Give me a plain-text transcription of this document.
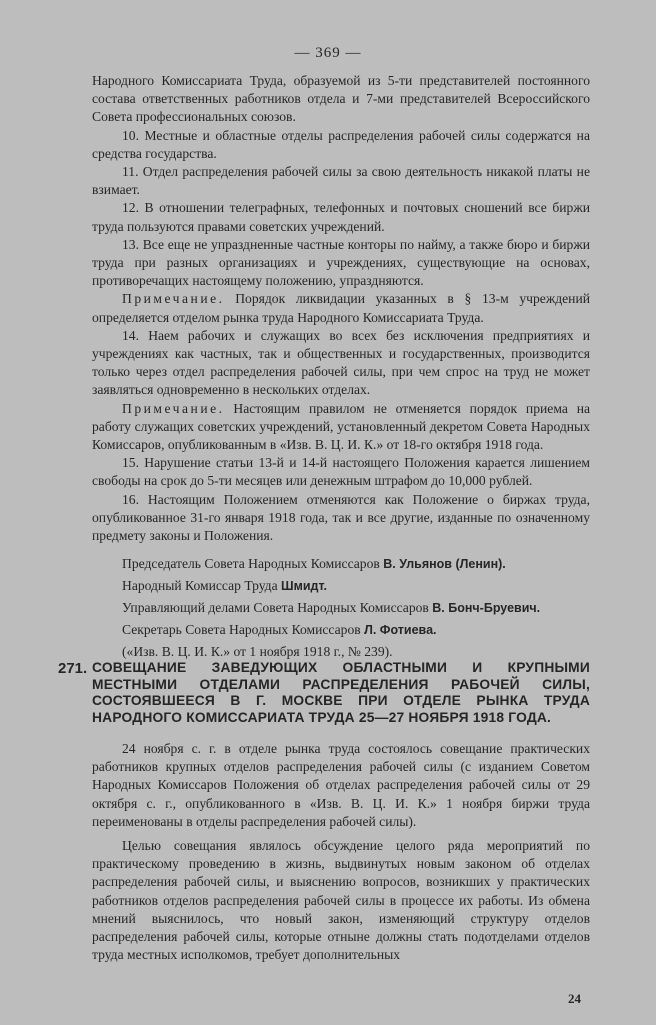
— 369 —

Народного Комиссариата Труда, образуемой из 5-ти представителей постоянного состава ответственных работников отдела и 7-ми представителей Всероссийского Совета профессиональных союзов.

10. Местные и областные отделы распределения рабочей силы содержатся на средства государства.

11. Отдел распределения рабочей силы за свою деятельность никакой платы не взимает.

12. В отношении телеграфных, телефонных и почтовых сношений все биржи труда пользуются правами советских учреждений.

13. Все еще не упраздненные частные конторы по найму, а также бюро и биржи труда при разных организациях и учреждениях, существующие на основах, противоречащих настоящему положению, упраздняются.

Примечание. Порядок ликвидации указанных в § 13-м учреждений определяется отделом рынка труда Народного Комиссариата Труда.

14. Наем рабочих и служащих во всех без исключения предприятиях и учреждениях как частных, так и общественных и государственных, производится только через отдел распределения рабочей силы, при чем спрос на труд не может заявляться одновременно в нескольких отделах.

Примечание. Настоящим правилом не отменяется порядок приема на работу служащих советских учреждений, установленный декретом Совета Народных Комиссаров, опубликованным в «Изв. В. Ц. И. К.» от 18-го октября 1918 года.

15. Нарушение статьи 13-й и 14-й настоящего Положения карается лишением свободы на срок до 5-ти месяцев или денежным штрафом до 10,000 рублей.

16. Настоящим Положением отменяются как Положение о биржах труда, опубликованное 31-го января 1918 года, так и все другие, изданные по означенному предмету законы и Положения.

Председатель Совета Народных Комиссаров В. Ульянов (Ленин).
Народный Комиссар Труда Шмидт.
Управляющий делами Совета Народных Комиссаров В. Бонч-Бруевич.
Секретарь Совета Народных Комиссаров Л. Фотиева.
(«Изв. В. Ц. И. К.» от 1 ноября 1918 г., № 239).
271. СОВЕЩАНИЕ ЗАВЕДУЮЩИХ ОБЛАСТНЫМИ И КРУПНЫМИ МЕСТНЫМИ ОТДЕЛАМИ РАСПРЕДЕЛЕНИЯ РАБОЧЕЙ СИЛЫ, СОСТОЯВШЕЕСЯ В Г. МОСКВЕ ПРИ ОТДЕЛЕ РЫНКА ТРУДА НАРОДНОГО КОМИССАРИАТА ТРУДА 25—27 НОЯБРЯ 1918 ГОДА.

24 ноября с. г. в отделе рынка труда состоялось совещание практических работников крупных отделов распределения рабочей силы (с изданием Советом Народных Комиссаров Положения об отделах распределения рабочей силы от 29 октября с. г., опубликованного в «Изв. В. Ц. И. К.» 1 ноября биржи труда переименованы в отделы распределения рабочей силы).

Целью совещания являлось обсуждение целого ряда мероприятий по практическому проведению в жизнь, выдвинутых новым законом об отделах распределения рабочей силы, и выяснению вопросов, возникших у практических работников отделов распределения рабочей силы в процессе их работы. Из обмена мнений выяснилось, что новый закон, изменяющий структуру отделов распределения рабочей силы, которые отныне должны стать подотделами отделов труда местных исполкомов, требует дополнительных

24
